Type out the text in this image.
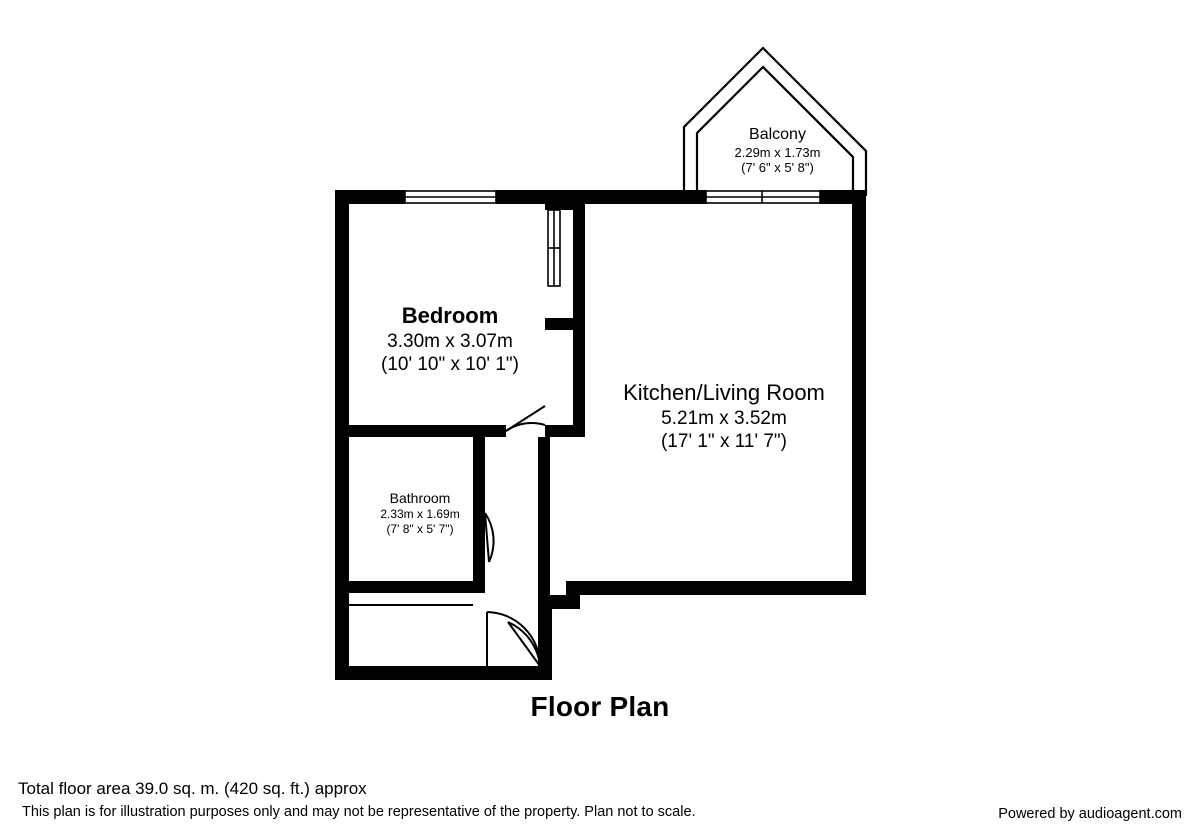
Balcony
2.29m x 1.73m
(7' 6" x 5' 8")
Bedroom
3.30m x 3.07m
(10' 10" x 10' 1")
Kitchen/Living Room
5.21m x 3.52m
(17' 1" x 11' 7")
Bathroom
2.33m x 1.69m
(7' 8" x 5' 7")
Floor Plan
Total floor area 39.0 sq. m. (420 sq. ft.) approx
This plan is for illustration purposes only and may not be representative of the property. Plan not to scale.	Powered by audioagent.com
